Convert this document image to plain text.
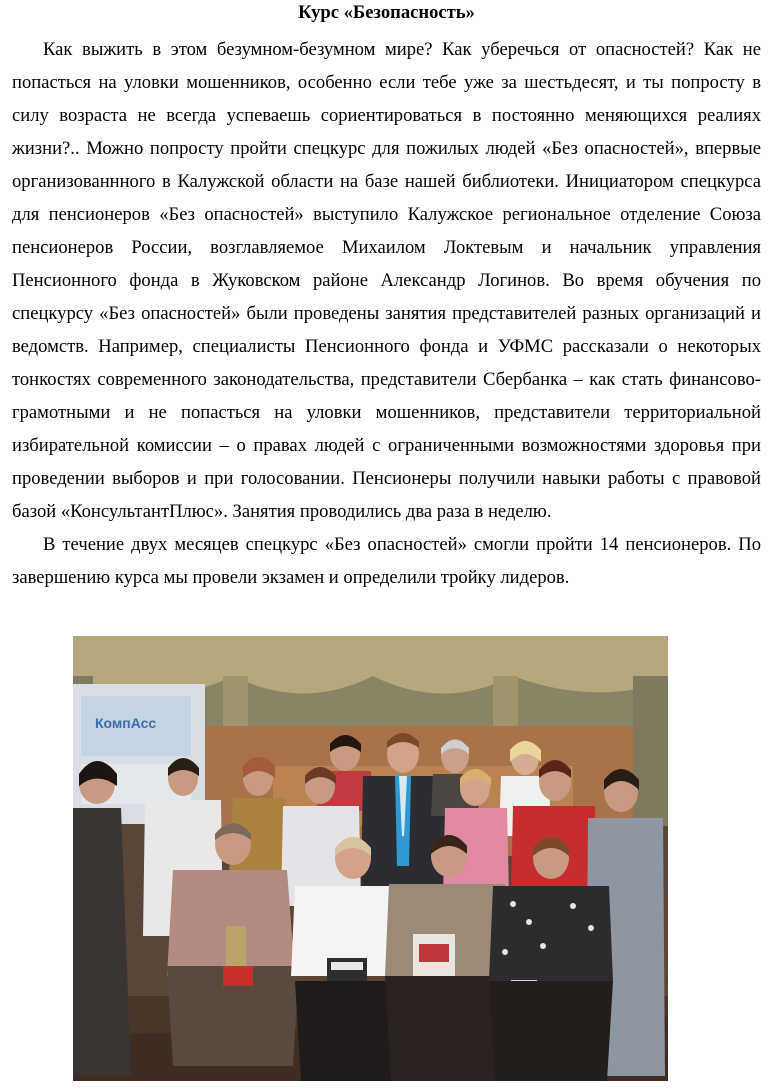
Курс «Безопасность»

Как выжить в этом безумном-безумном мире? Как уберечься от опасностей? Как не попасться на уловки мошенников, особенно если тебе уже за шестьдесят, и ты попросту в силу возраста не всегда успеваешь сориентироваться в постоянно меняющихся реалиях жизни?.. Можно попросту пройти спецкурс для пожилых людей «Без опасностей», впервые организованнного в Калужской области на базе нашей библиотеки. Инициатором спецкурса для пенсионеров «Без опасностей» выступило Калужское региональное отделение Союза пенсионеров России, возглавляемое Михаилом Локтевым и начальник управления Пенсионного фонда в Жуковском районе Александр Логинов. Во время обучения по спецкурсу «Без опасностей» были проведены занятия представителей разных организаций и ведомств. Например, специалисты Пенсионного фонда и УФМС рассказали о некоторых тонкостях современного законодательства, представители Сбербанка – как стать финансово-грамотными и не попасться на уловки мошенников, представители территориальной избирательной комиссии – о правах людей с ограниченными возможностями здоровья при проведении выборов и при голосовании. Пенсионеры получили навыки работы с правовой базой «КонсультантПлюс». Занятия проводились два раза в неделю.

В течение двух месяцев спецкурс «Без опасностей» смогли пройти 14 пенсионеров. По завершению курса мы провели экзамен и определили тройку лидеров.

КомпАсс
